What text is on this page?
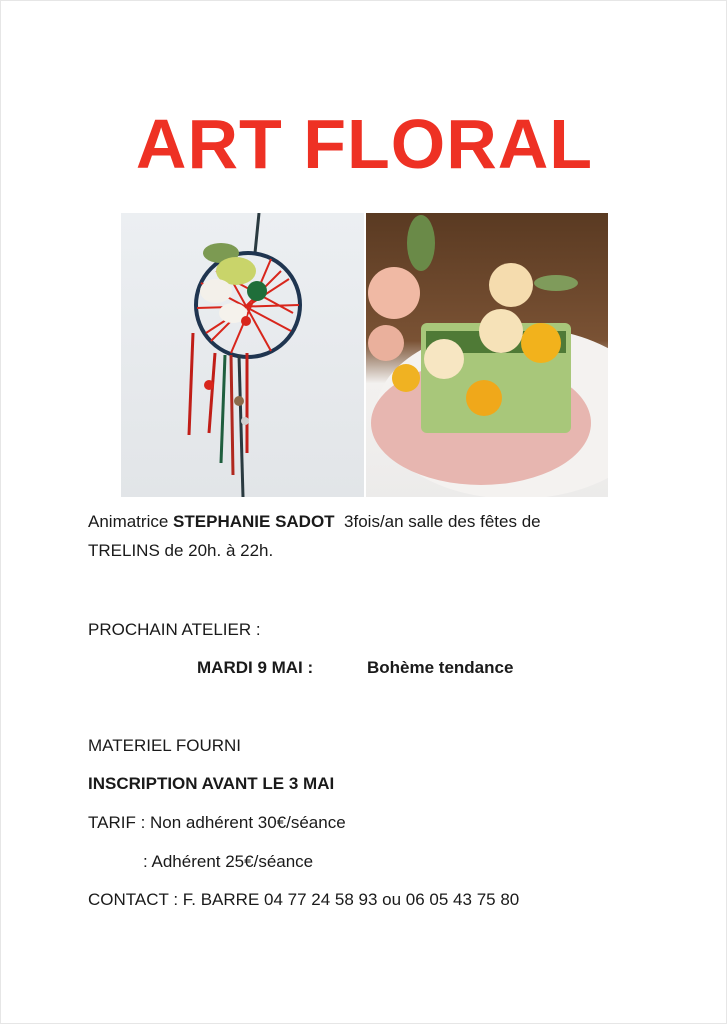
ART FLORAL
Animatrice STEPHANIE SADOT 3fois/an salle des fêtes de
TRELINS de 20h. à 22h.
PROCHAIN ATELIER :
MARDI 9 MAI :	Bohème tendance
MATERIEL FOURNI
INSCRIPTION AVANT LE 3 MAI
TARIF : Non adhérent 30€/séance
: Adhérent 25€/séance
CONTACT : F. BARRE 04 77 24 58 93 ou 06 05 43 75 80
